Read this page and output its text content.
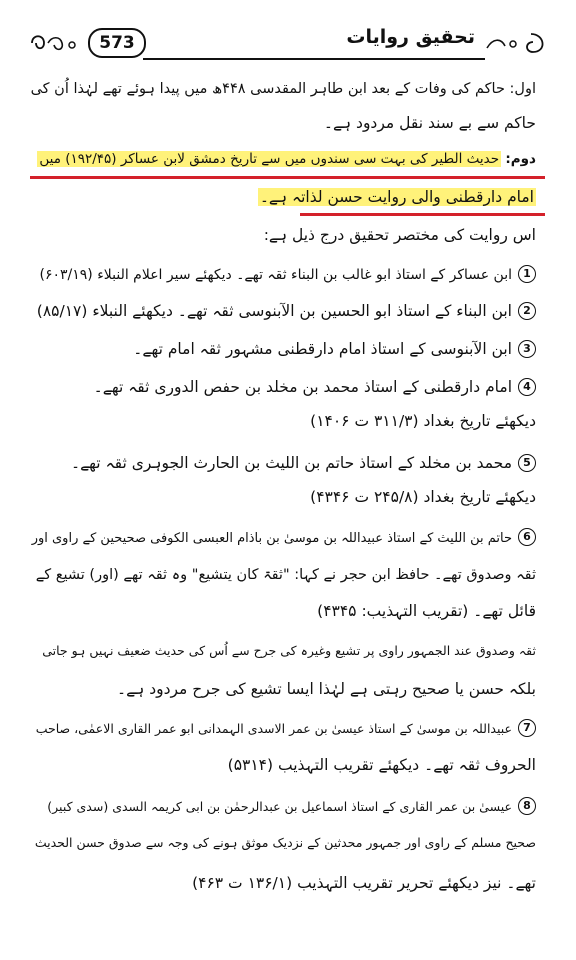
573	تحقیق روایات
اول: حاکم کی وفات کے بعد ابن طاہر المقدسی ۴۴۸ھ میں پیدا ہوئے تھے لہٰذا اُن کی
حاکم سے بے سند نقل مردود ہے۔
دوم: حدیث الطیر کی بہت سی سندوں میں سے تاریخ دمشق لابن عساکر (۱۹۲/۴۵) میں
امام دارقطنی والی روایت حسن لذاتہ ہے۔
اس روایت کی مختصر تحقیق درج ذیل ہے:
1ابن عساکر کے استاذ ابو غالب بن البناء ثقہ تھے۔ دیکھئے سیر اعلام النبلاء (۶۰۳/۱۹)
2ابن البناء کے استاذ ابو الحسین بن الآبنوسی ثقہ تھے۔ دیکھئے النبلاء (۸۵/۱۷)
3ابن الآبنوسی کے استاذ امام دارقطنی مشہور ثقہ امام تھے۔
4امام دارقطنی کے استاذ محمد بن مخلد بن حفص الدوری ثقہ تھے۔
دیکھئے تاریخ بغداد (۳۱۱/۳ ت ۱۴۰۶)
5محمد بن مخلد کے استاذ حاتم بن اللیث بن الحارث الجوہری ثقہ تھے۔
دیکھئے تاریخ بغداد (۲۴۵/۸ ت ۴۳۴۶)
6حاتم بن اللیث کے استاذ عبیداللہ بن موسیٰ بن باذام العبسی الکوفی صحیحین کے راوی اور
ثقہ وصدوق تھے۔ حافظ ابن حجر نے کہا: "ثقۃ کان یتشیع" وہ ثقہ تھے (اور) تشیع کے
قائل تھے۔ (تقریب التہذیب: ۴۳۴۵)
ثقہ وصدوق عند الجمہور راوی پر تشیع وغیرہ کی جرح سے اُس کی حدیث ضعیف نہیں ہو جاتی
بلکہ حسن یا صحیح رہتی ہے لہٰذا ایسا تشیع کی جرح مردود ہے۔
7عبیداللہ بن موسیٰ کے استاذ عیسیٰ بن عمر الاسدی الہمدانی ابو عمر القاری الاعمٰی، صاحب
الحروف ثقہ تھے۔ دیکھئے تقریب التہذیب (۵۳۱۴)
8عیسیٰ بن عمر القاری کے استاذ اسماعیل بن عبدالرحمٰن بن ابی کریمہ السدی (سدی کبیر)
صحیح مسلم کے راوی اور جمہور محدثین کے نزدیک موثق ہونے کی وجہ سے صدوق حسن الحدیث
تھے۔ نیز دیکھئے تحریر تقریب التہذیب (۱۳۶/۱ ت ۴۶۳)
